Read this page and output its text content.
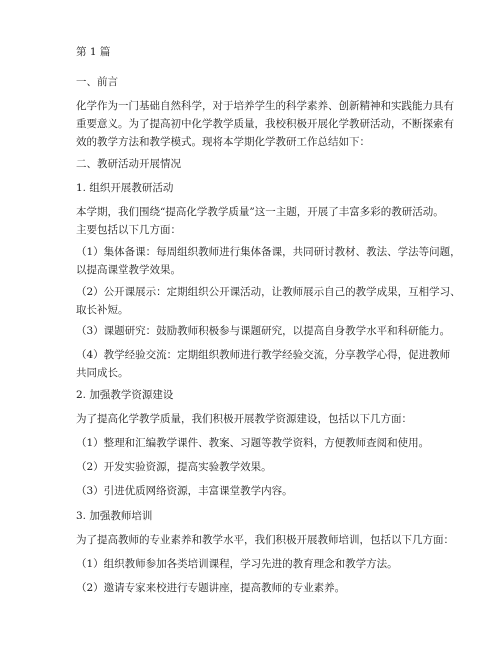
第 1 篇
一、前言
化学作为一门基础自然科学，对于培养学生的科学素养、创新精神和实践能力具有
重要意义。为了提高初中化学教学质量，我校积极开展化学教研活动，不断探索有
效的教学方法和教学模式。现将本学期化学教研工作总结如下：
二、教研活动开展情况
1. 组织开展教研活动
本学期，我们围绕“提高化学教学质量”这一主题，开展了丰富多彩的教研活动。
主要包括以下几方面：
（1）集体备课：每周组织教师进行集体备课，共同研讨教材、教法、学法等问题，
以提高课堂教学效果。
（2）公开课展示：定期组织公开课活动，让教师展示自己的教学成果，互相学习、
取长补短。
（3）课题研究：鼓励教师积极参与课题研究，以提高自身教学水平和科研能力。
（4）教学经验交流：定期组织教师进行教学经验交流，分享教学心得，促进教师
共同成长。
2. 加强教学资源建设
为了提高化学教学质量，我们积极开展教学资源建设，包括以下几方面：
（1）整理和汇编教学课件、教案、习题等教学资料，方便教师查阅和使用。
（2）开发实验资源，提高实验教学效果。
（3）引进优质网络资源，丰富课堂教学内容。
3. 加强教师培训
为了提高教师的专业素养和教学水平，我们积极开展教师培训，包括以下几方面：
（1）组织教师参加各类培训课程，学习先进的教育理念和教学方法。
（2）邀请专家来校进行专题讲座，提高教师的专业素养。
